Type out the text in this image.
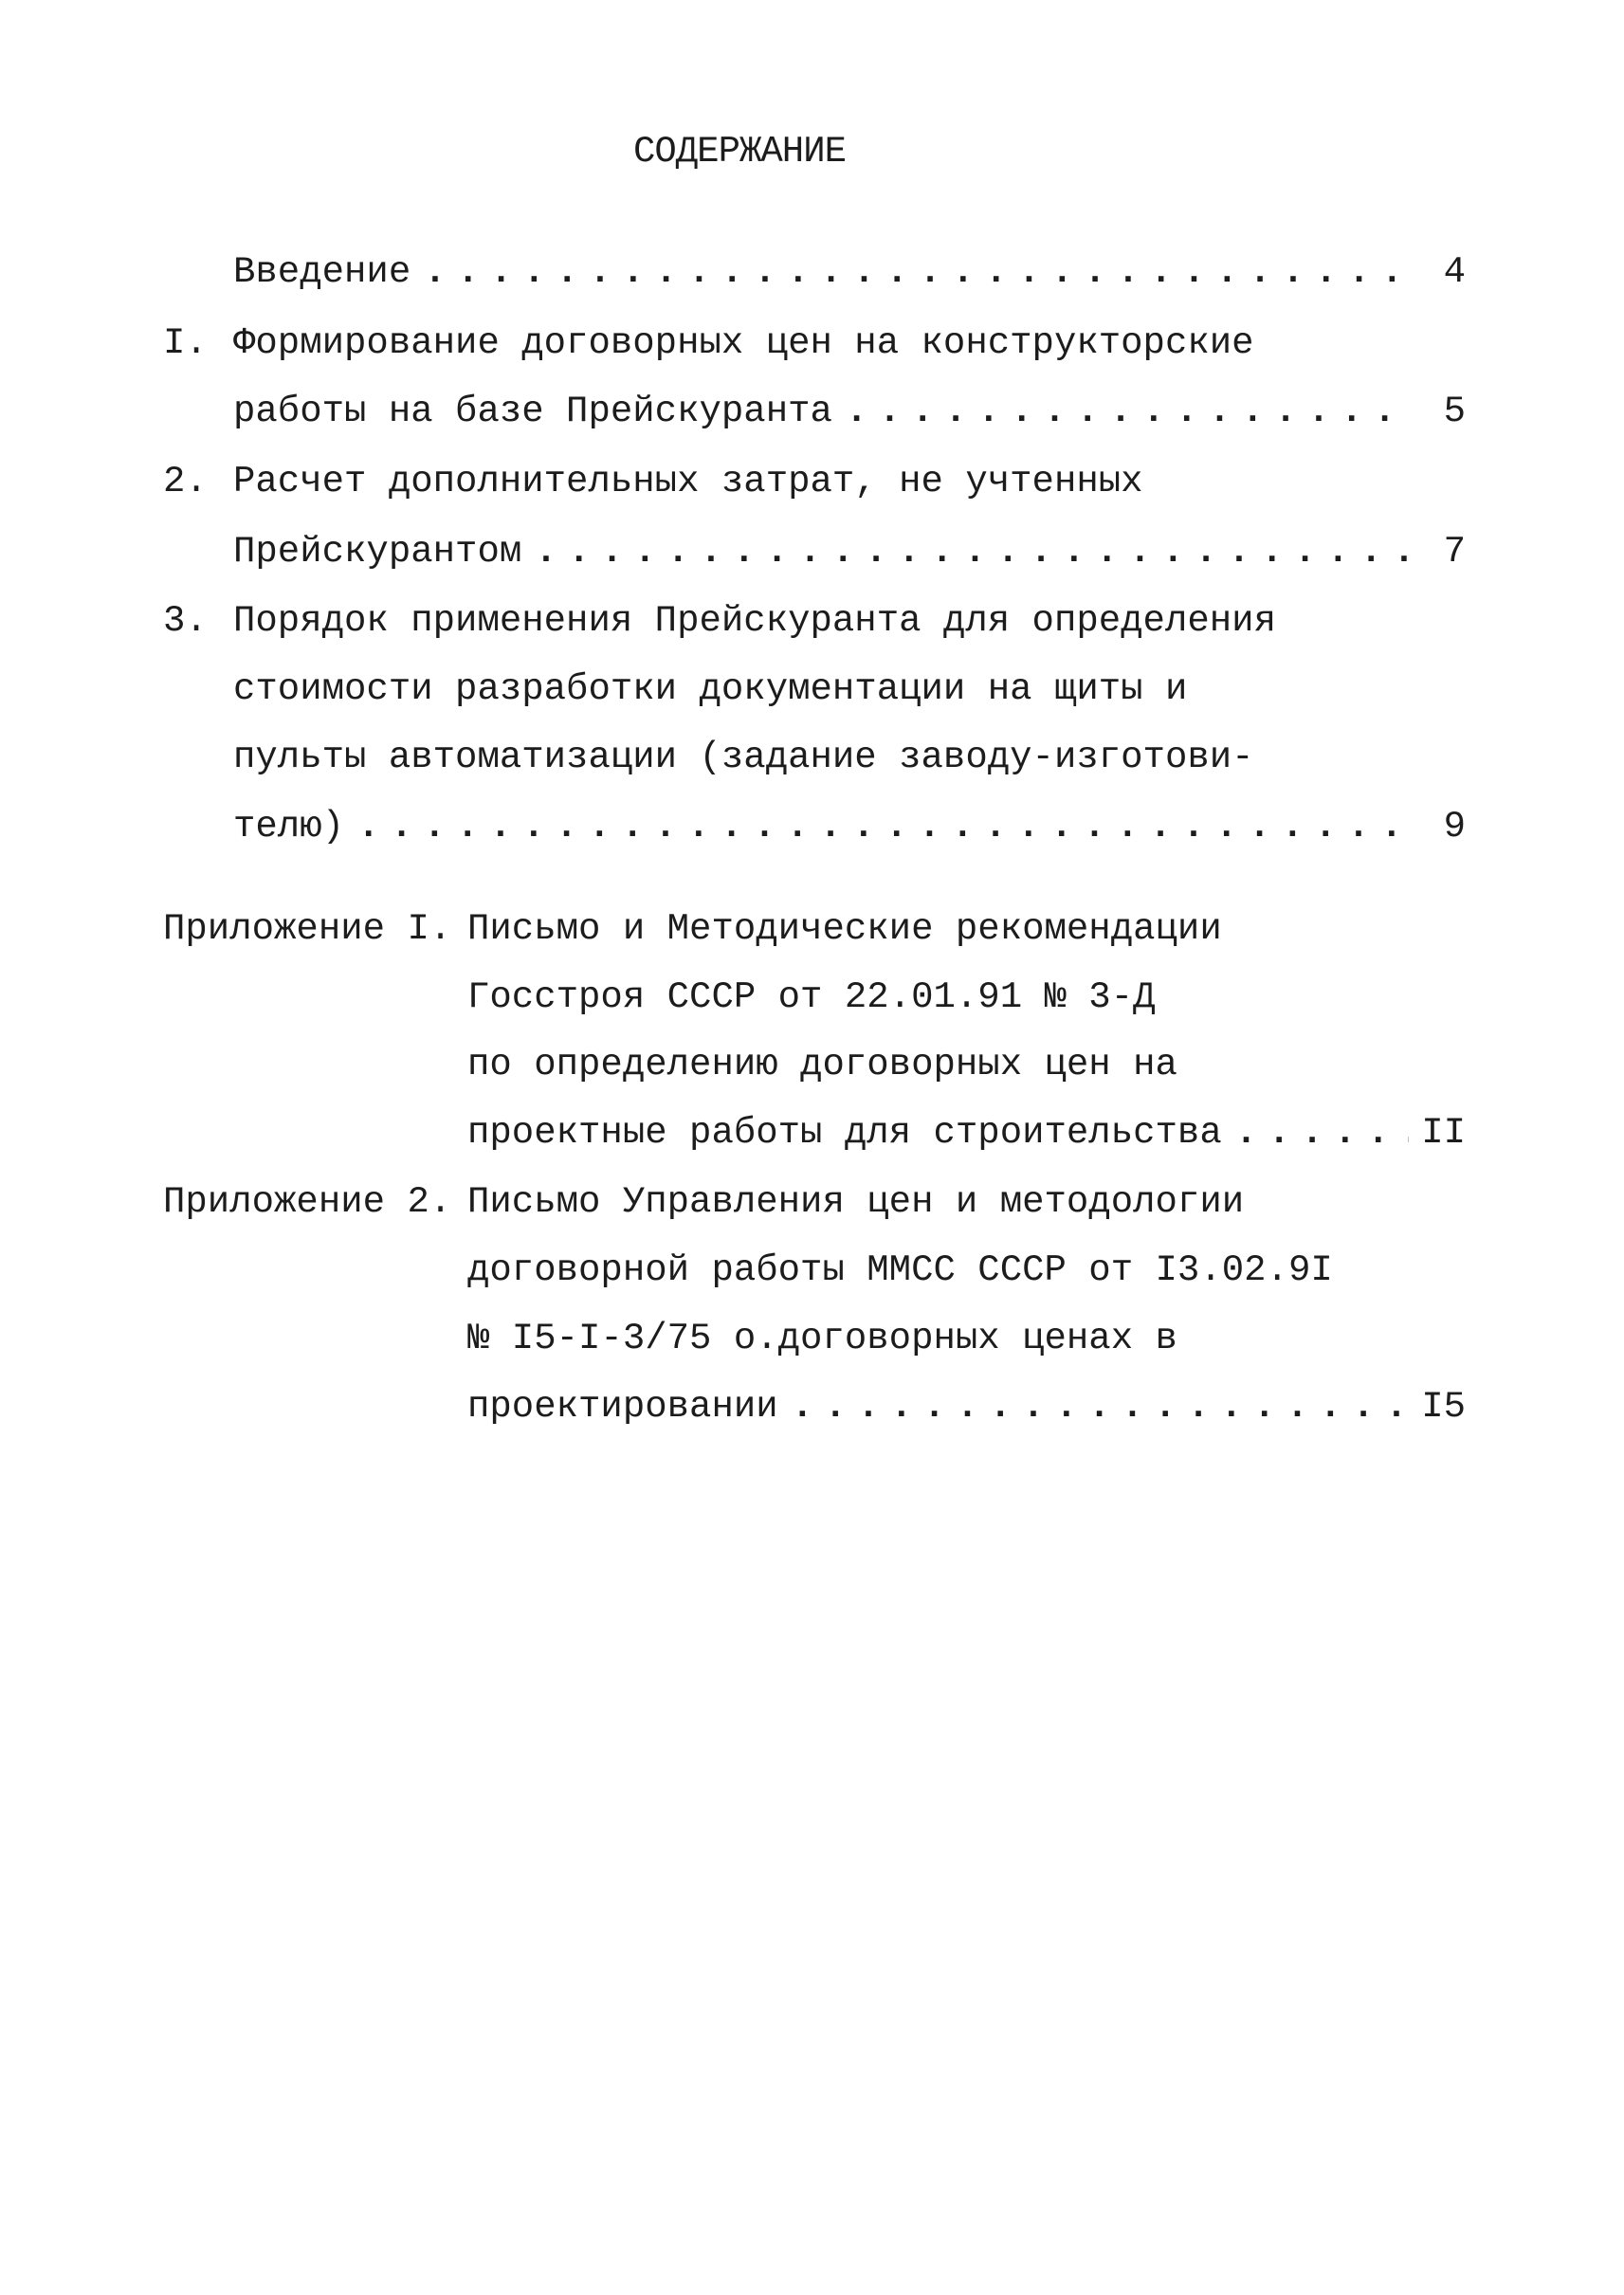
СОДЕРЖАНИЕ
Введение . . .	4
I. Формирование договорных цен на конструкторские
работы на базе Прейскуранта . . .	5
2. Расчет дополнительных затрат, не учтенных
Прейскурантом . . .	7
3. Порядок применения Прейскуранта для определения
стоимости разработки документации на щиты и
пульты автоматизации (задание заводу-изготови-
телю) . . .	9
Приложение I. Письмо и Методические рекомендации
Госстроя СССР от 22.01.91 № 3-Д
по определению договорных цен на
проектные работы для строительства . . .	II
Приложение 2. Письмо Управления цен и методологии
договорной работы ММСС СССР от I3.02.9I
№ I5-I-3/75 о.договорных ценах в
проектировании . . .	I5
